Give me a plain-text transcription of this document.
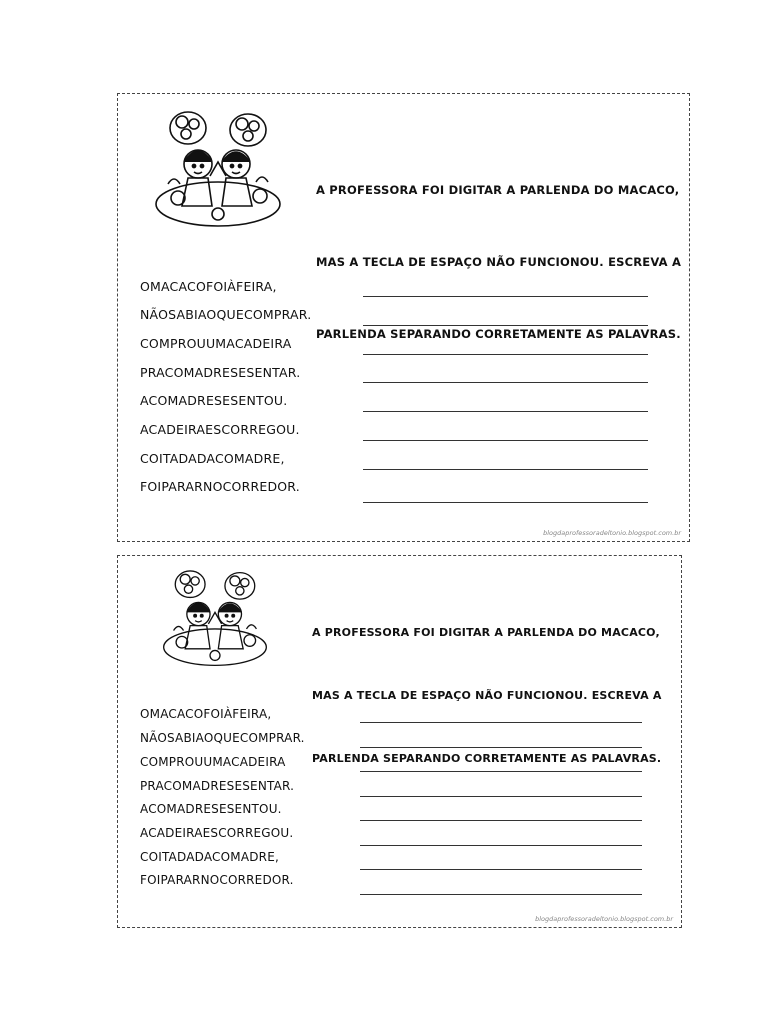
A PROFESSORA FOI DIGITAR A PARLENDA DO MACACO,

MAS A TECLA DE ESPAÇO NÃO FUNCIONOU. ESCREVA A

PARLENDA SEPARANDO CORRETAMENTE AS PALAVRAS.

OMACACOFOIÀFEIRA,
NÃOSABIAOQUECOMPRAR.
COMPROUUMACADEIRA
PRACOMADRESESENTAR.
ACOMADRESESENTOU.
ACADEIRAESCORREGOU.
COITADADACOMADRE,
FOIPARARNOCORREDOR.
blogdaprofessoradeltonio.blogspot.com.br

A PROFESSORA FOI DIGITAR A PARLENDA DO MACACO,

MAS A TECLA DE ESPAÇO NÃO FUNCIONOU. ESCREVA A

PARLENDA SEPARANDO CORRETAMENTE AS PALAVRAS.

OMACACOFOIÀFEIRA,
NÃOSABIAOQUECOMPRAR.
COMPROUUMACADEIRA
PRACOMADRESESENTAR.
ACOMADRESESENTOU.
ACADEIRAESCORREGOU.
COITADADACOMADRE,
FOIPARARNOCORREDOR.
blogdaprofessoradeltonio.blogspot.com.br
